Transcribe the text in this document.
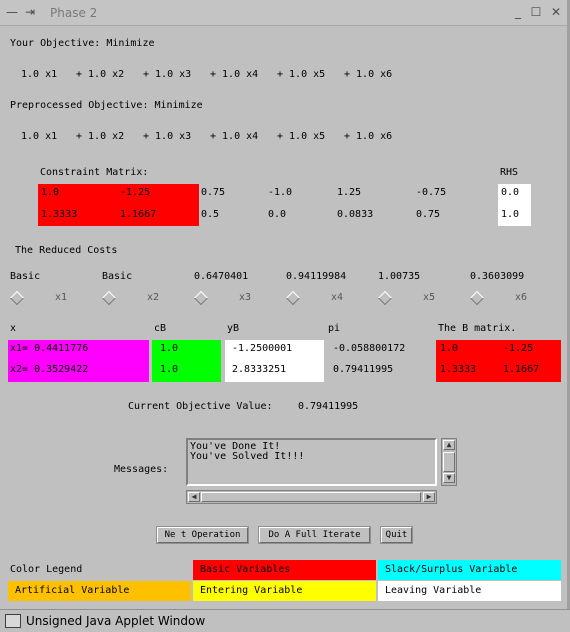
— ⇥ Phase 2	_ ☐ ✕
Your Objective: Minimize
1.0 x1 + 1.0 x2 + 1.0 x3 + 1.0 x4 + 1.0 x5 + 1.0 x6
Preprocessed Objective: Minimize
1.0 x1 + 1.0 x2 + 1.0 x3 + 1.0 x4 + 1.0 x5 + 1.0 x6
Constraint Matrix:	RHS
1.0	-1.25	0.75	-1.0	1.25	-0.75	0.0
1.3333	1.1667	0.5	0.0	0.0833	0.75	1.0
The Reduced Costs
Basic	Basic	0.6470401	0.94119984	1.00735	0.3603099
x1	x2	x3	x4	x5	x6
x	cB	yB	pi	The B matrix.
x1= 0.4411776
x2= 0.3529422
1.0
1.0
-1.2500001
2.8333251
-0.058800172
0.79411995
1.0	-1.25
1.3333	1.1667
Current Objective Value:	0.79411995
Messages:
You've Done It!
You've Solved It!!!
▲
▼
◀	▶
Ne t Operation	Do A Full Iterate	Quit
Color Legend	Basic Variables	Slack/Surplus Variable
Artificial Variable	Entering Variable	Leaving Variable
Unsigned Java Applet Window
